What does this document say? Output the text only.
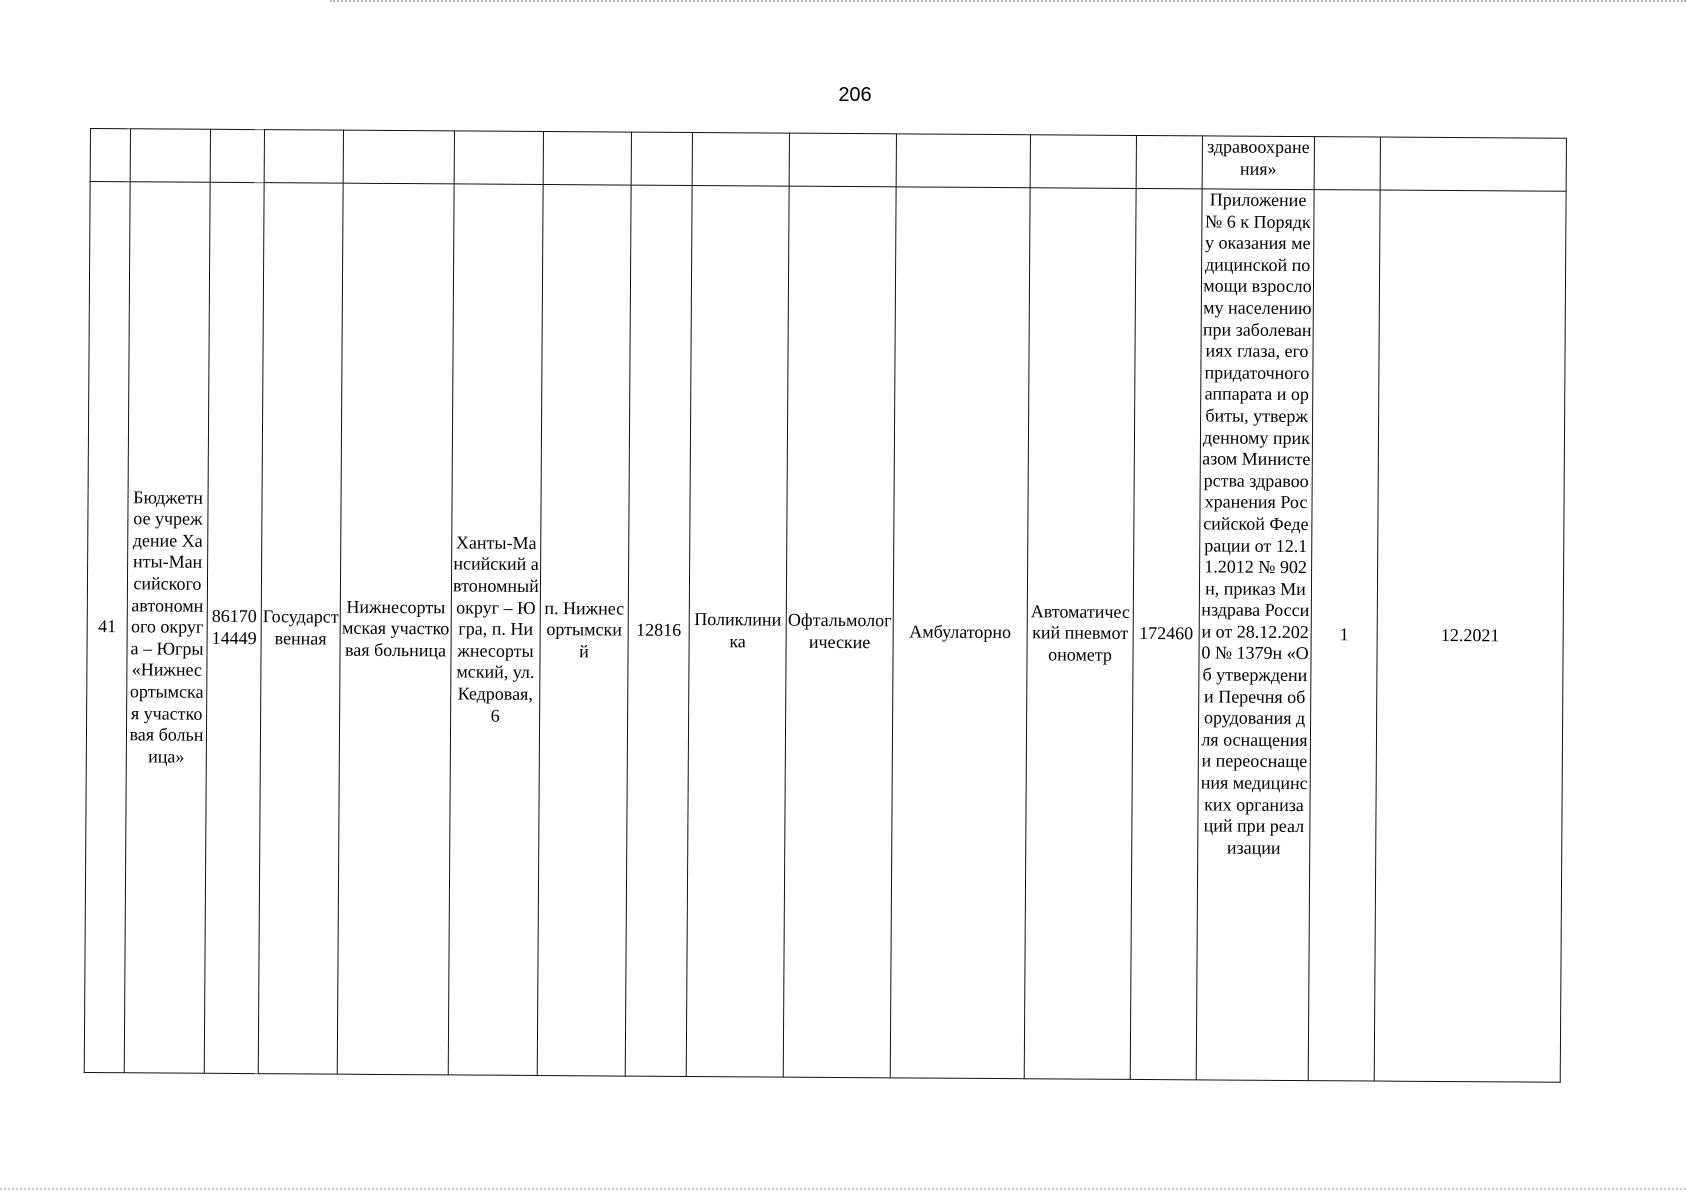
206
													здравоохранения»		
41	Бюджетное учреждение Ханты-Мансийского автономного округа – Югры «Нижнесортымская участковая больница»	8617014449	Государственная	Нижнесортымская участковая больница	Ханты-Мансийский автономный округ – Югра, п. Нижнесортымский, ул.Кедровая, 6	п. Нижнесортымский	12816	Поликлиника	Офтальмологические	Амбулаторно	Автоматический пневмотонометр	172460	Приложение № 6 к Порядку оказания медицинской помощи взрослому населению при заболеваниях глаза, его придаточного аппарата и орбиты, утвержденному приказом Министерства здравоохранения Российской Федерации от 12.11.2012 № 902н, приказ Минздрава России от 28.12.2020 № 1379н «Об утверждении Перечня оборудования для оснащения и переоснащения медицинских организаций при реализации	1	12.2021
